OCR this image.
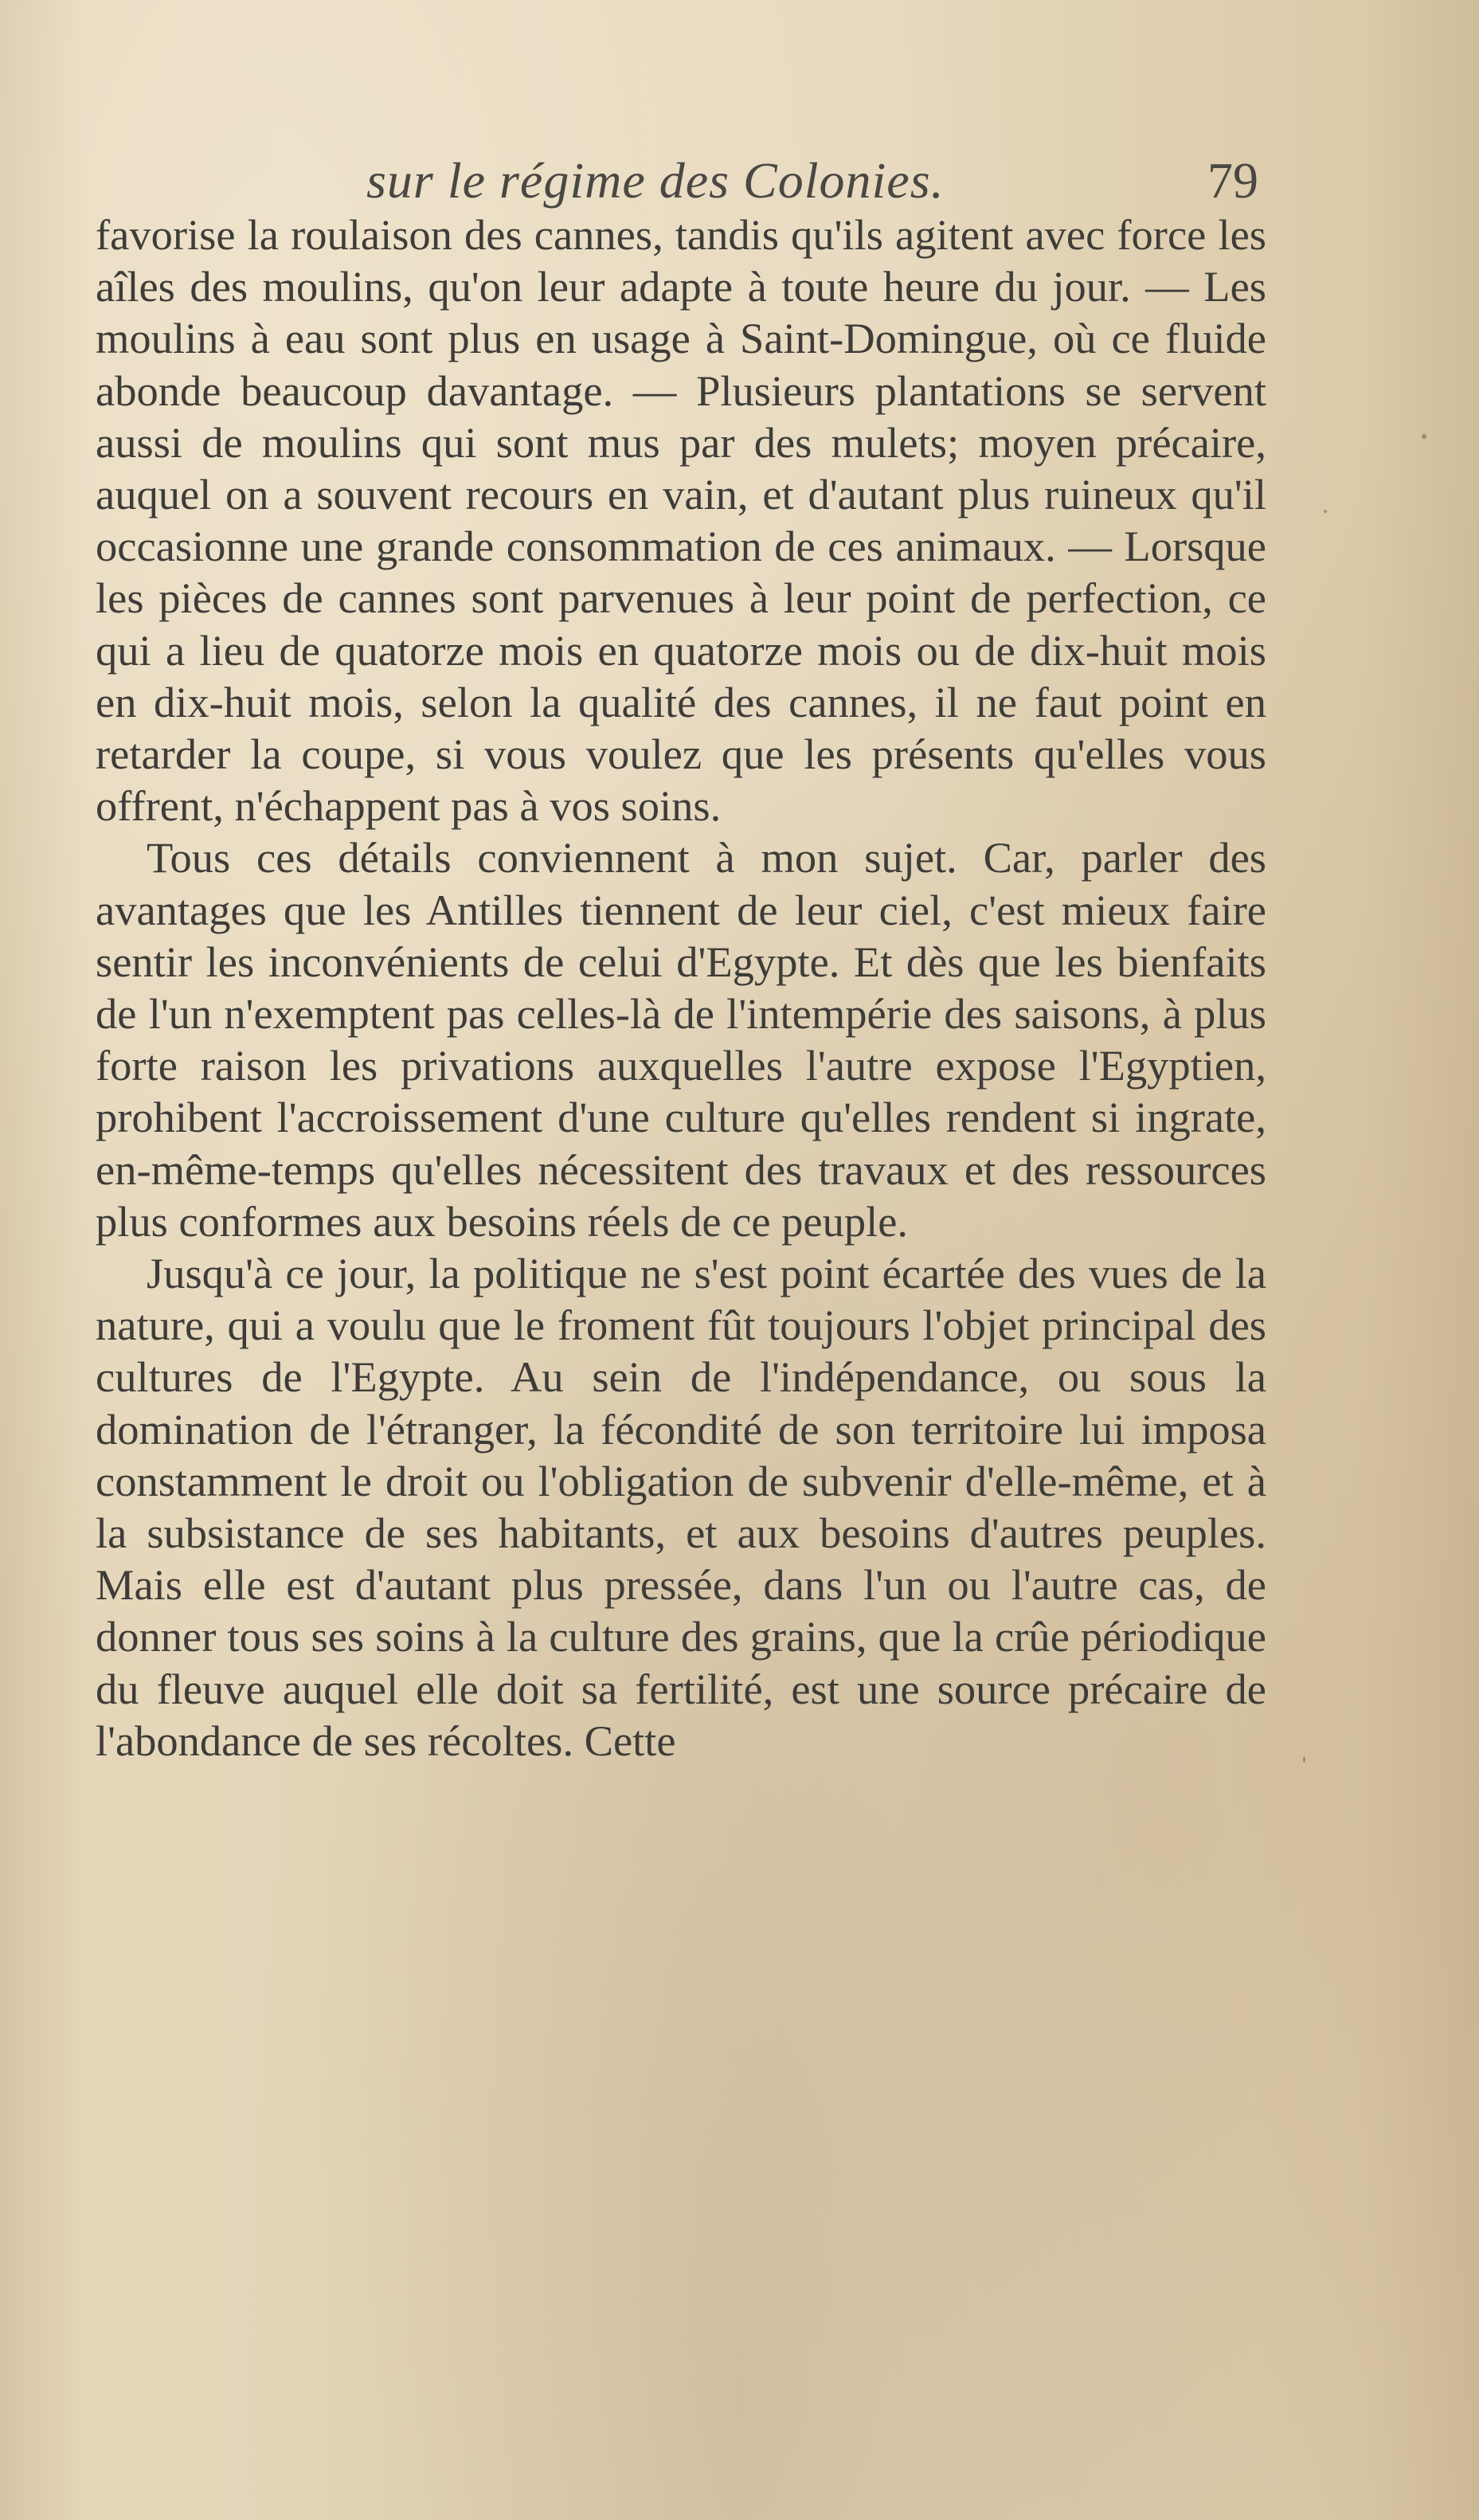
sur le régime des Colonies.	79

favorise la roulaison des cannes, tandis qu'ils agitent avec force les aîles des moulins, qu'on leur adapte à toute heure du jour. — Les moulins à eau sont plus en usage à Saint-Domingue, où ce fluide abonde beaucoup davantage. — Plusieurs plantations se servent aussi de moulins qui sont mus par des mulets; moyen précaire, auquel on a souvent recours en vain, et d'autant plus ruineux qu'il occasionne une grande consommation de ces animaux. — Lorsque les pièces de cannes sont parvenues à leur point de perfection, ce qui a lieu de quatorze mois en quatorze mois ou de dix-huit mois en dix-huit mois, selon la qualité des cannes, il ne faut point en retarder la coupe, si vous voulez que les présents qu'elles vous offrent, n'échappent pas à vos soins.

Tous ces détails conviennent à mon sujet. Car, parler des avantages que les Antilles tiennent de leur ciel, c'est mieux faire sentir les inconvénients de celui d'Egypte. Et dès que les bienfaits de l'un n'exemptent pas celles-là de l'intempérie des saisons, à plus forte raison les privations auxquelles l'autre expose l'Egyptien, prohibent l'accroissement d'une culture qu'elles rendent si ingrate, en-même-temps qu'elles nécessitent des travaux et des ressources plus conformes aux besoins réels de ce peuple.

Jusqu'à ce jour, la politique ne s'est point écartée des vues de la nature, qui a voulu que le froment fût toujours l'objet principal des cultures de l'Egypte. Au sein de l'indépendance, ou sous la domination de l'étranger, la fécondité de son territoire lui imposa constamment le droit ou l'obligation de subvenir d'elle-même, et à la subsistance de ses habitants, et aux besoins d'autres peuples. Mais elle est d'autant plus pressée, dans l'un ou l'autre cas, de donner tous ses soins à la culture des grains, que la crûe périodique du fleuve auquel elle doit sa fertilité, est une source précaire de l'abondance de ses récoltes. Cette
